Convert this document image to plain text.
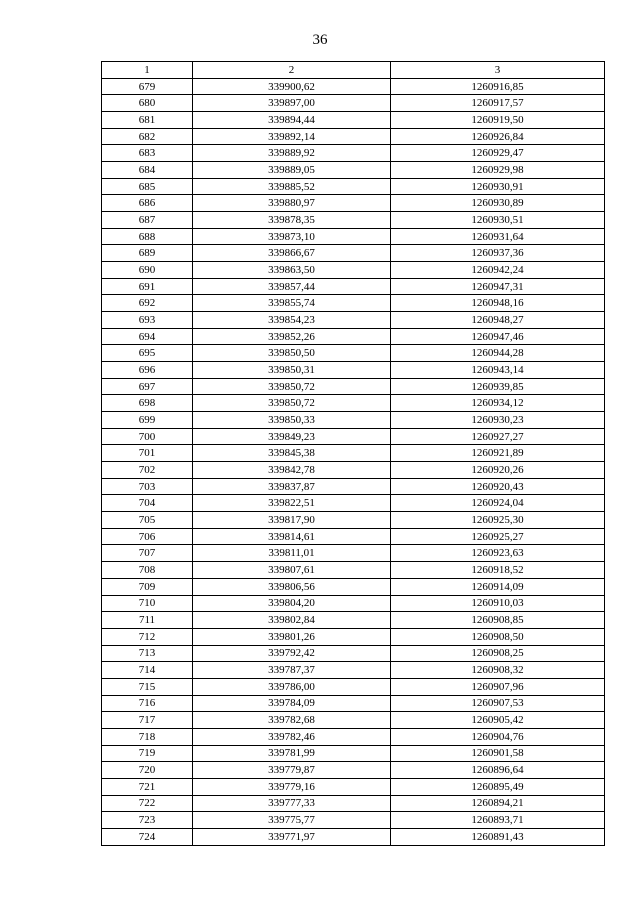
36
1	2	3
679	339900,62	1260916,85
680	339897,00	1260917,57
681	339894,44	1260919,50
682	339892,14	1260926,84
683	339889,92	1260929,47
684	339889,05	1260929,98
685	339885,52	1260930,91
686	339880,97	1260930,89
687	339878,35	1260930,51
688	339873,10	1260931,64
689	339866,67	1260937,36
690	339863,50	1260942,24
691	339857,44	1260947,31
692	339855,74	1260948,16
693	339854,23	1260948,27
694	339852,26	1260947,46
695	339850,50	1260944,28
696	339850,31	1260943,14
697	339850,72	1260939,85
698	339850,72	1260934,12
699	339850,33	1260930,23
700	339849,23	1260927,27
701	339845,38	1260921,89
702	339842,78	1260920,26
703	339837,87	1260920,43
704	339822,51	1260924,04
705	339817,90	1260925,30
706	339814,61	1260925,27
707	339811,01	1260923,63
708	339807,61	1260918,52
709	339806,56	1260914,09
710	339804,20	1260910,03
711	339802,84	1260908,85
712	339801,26	1260908,50
713	339792,42	1260908,25
714	339787,37	1260908,32
715	339786,00	1260907,96
716	339784,09	1260907,53
717	339782,68	1260905,42
718	339782,46	1260904,76
719	339781,99	1260901,58
720	339779,87	1260896,64
721	339779,16	1260895,49
722	339777,33	1260894,21
723	339775,77	1260893,71
724	339771,97	1260891,43
